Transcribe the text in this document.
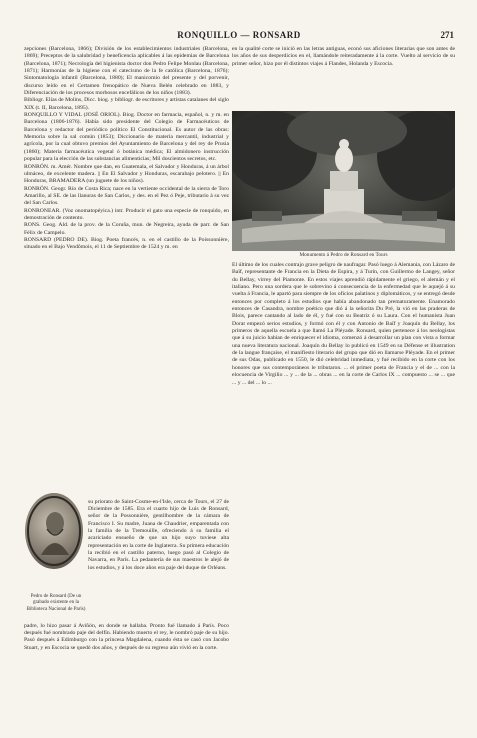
RONQUILLO — RONSARD	271

zepciones (Barcelona, 1866); División de los establecimientos industriales (Barcelona, 1869); Preceptos de la salubridad y beneficencia aplicables á las epidemias de Barcelona (Barcelona, 1871); Necrología del higienista doctor don Pedro Felipe Monlau (Barcelona, 1871); Harmonías de la higiene con el catecismo de la fe católica (Barcelona, 1876); Sintomatología infantil (Barcelona, 1880); El manicomio del presente y del porvenir, discurso leído en el Certamen frenopático de Nueva Belén celebrado en 1883, y Diferenciación de los procesos morbosos encefálicos de los niños (1883).

Bibliogr. Elías de Molins, Dicc. biog. y bibliogr. de escritores y artistas catalanes del siglo XIX (t. II, Barcelona, 1895).

RONQUILLO Y VIDAL (JOSÉ ORIOL). Biog. Doctor en farmacia, español, n. y m. en Barcelona (1806-1876). Había sido presidente del Colegio de Farmacéuticos de Barcelona y redactor del periódico político El Constitucional. Es autor de las obras: Memoria sobre la sal común (1853); Diccionario de materia mercantil, industrial y agrícola, por la cual obtuvo premios del Ayuntamiento de Barcelona y del rey de Prusia (1860); Materia farmacéutica vegetal ó botánica médica; El almidonero instrucción popular para la elección de las substancias alimenticias; Mil doscientos secretos, etc.

RONRÓN. m. Amér. Nombre que dan, en Guatemala, el Salvador y Honduras, á un árbol ulmáceo, de excelente madera. || En El Salvador y Honduras, escarabajo pelotero. || En Honduras, BRAMADERA (un juguete de los niños).

RONRÓN. Geogr. Río de Costa Rica; nace en la vertiente occidental de la sierra de Toro Amarillo, al SE. de las llanuras de San Carlos, y des. en el Pez ó Peje, tributario á su vez del San Carlos.

RONRONEAR. (Voz onomatopéyica.) intr. Producir el gato una especie de ronquido, en demostración de contento.

RONS. Geog. Ald. de la prov. de la Coruña, mun. de Negreira, ayuda de parr. de San Félix de Campelo.

RONSARD (PEDRO DE). Biog. Poeta francés, n. en el castillo de la Poissonnière, situado en el Bajo Vendômois, el 11 de Septiembre de 1524 y m. en

Pedro de Ronsard (De un grabado existente en la Biblioteca Nacional de París)

su priorato de Saint-Cosme-en-l'Isle, cerca de Tours, el 27 de Diciembre de 1585. Era el cuarto hijo de Luis de Ronsard, señor de la Possonnière, gentilhombre de la cámara de Francisco I. Su madre, Juana de Chaudrier, emparentada con la familia de la Tremouille, ofreciendo á su familia el acariciado ensueño de que un hijo suyo tuviese alta representación en la corte de Inglaterra. Su primera educación la recibió en el castillo paterno, luego pasó al Colegio de Navarra, en París. La pedantería de sus maestros le alejó de los estudios, y á los doce años era paje del duque de Orléans.

padre, lo hizo pasar á Aviñón, en donde se hallaba. Pronto fué llamado á París. Poco después fué nombrado paje del delfín. Habiendo muerto el rey, le nombró paje de su hijo. Pasó después á Edimburgo con la princesa Magdalena, cuando ésta se casó con Jacobo Stuart, y en Escocia se quedó dos años, y después de su regreso aún vivió en la corte.

en la qualité corte se inició en las letras antiguas, econó sus aficiones literarias que son antes de los años de sus desperdicios en el, llamándole reiteradamente á la corte. Vuelto al servicio de su primer señor, hizo por él distintos viajes á Flandes, Holanda y Escocia.

Monumento á Pedro de Ronsard en Tours

El último de los cuales contrajo grave peligro de naufragar. Pasó luego á Alemania, con Lázaro de Baïf, representante de Francia en la Dieta de Espira, y á Turín, con Guillermo de Langey, señor du Bellay, virrey del Piamonte. En estos viajes aprendió rápidamente el griego, el alemán y el italiano. Pero una sordera que le sobrevino á consecuencia de la enfermedad que le aquejó á su vuelta á Francia, le apartó para siempre de los oficios palatinos y diplomáticos, y se entregó desde entonces por completo á los estudios que había abandonado tan prematuramente. Enamorado entonces de Casandra, nombre poético que dió á la señorita Du Pré, la vió en las praderas de Blois, parece cantando al lado de él, y fué con su Beatriz ó su Laura. Con el humanista Juan Dorat empezó serios estudios, y formó con él y con Antonio de Baïf y Joaquín du Bellay, los primeros de aquella escuela a que llamó La Pléyade. Ronsard, quien pertenece á los neologistas que á su juicio habían de enriquecer el idioma, comenzó á desarrollar un plan con vista a formar una nueva literatura nacional. Joaquín du Bellay lo publicó en 1549 en su Défense et illustration de la langue française, el manifiesto literario del grupo que dió en llamarse Pléyade. En el primer de sus Odas, publicado en 1550, le dió celebridad inmediata, y fué recibido en la corte con los honores que sus contemporáneos le tributaron. ... el primer poeta de Francia y el de ... con la elocuencia de Virgilio ... y ... de la ... obras ... en la corte de Carlos IX ... compuesto ... se ... que ... y ... del ... lo ...
